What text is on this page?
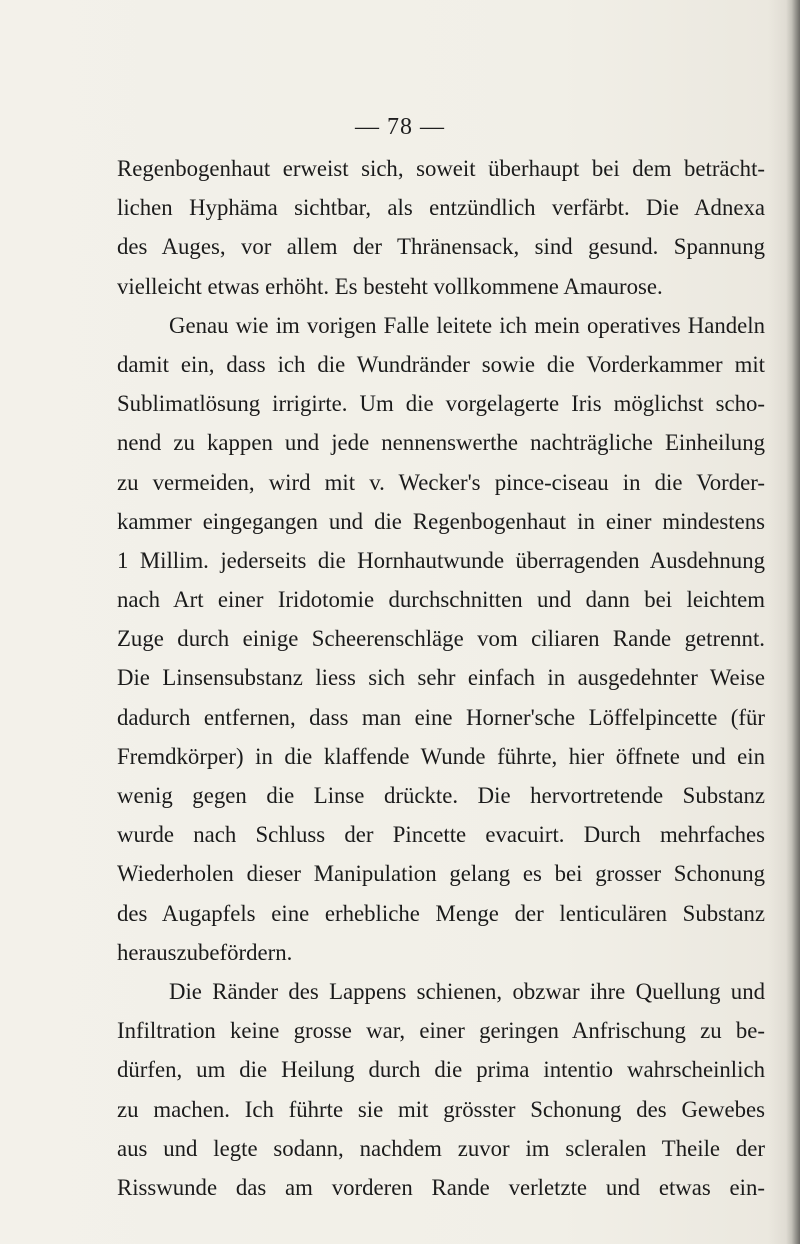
— 78 —
Regenbogenhaut erweist sich, soweit überhaupt bei dem beträcht-
lichen Hyphäma sichtbar, als entzündlich verfärbt. Die Adnexa
des Auges, vor allem der Thränensack, sind gesund. Spannung
vielleicht etwas erhöht. Es besteht vollkommene Amaurose.
Genau wie im vorigen Falle leitete ich mein operatives Handeln
damit ein, dass ich die Wundränder sowie die Vorderkammer mit
Sublimatlösung irrigirte. Um die vorgelagerte Iris möglichst scho-
nend zu kappen und jede nennenswerthe nachträgliche Einheilung
zu vermeiden, wird mit v. Wecker's pince-ciseau in die Vorder-
kammer eingegangen und die Regenbogenhaut in einer mindestens
1 Millim. jederseits die Hornhautwunde überragenden Ausdehnung
nach Art einer Iridotomie durchschnitten und dann bei leichtem
Zuge durch einige Scheerenschläge vom ciliaren Rande getrennt.
Die Linsensubstanz liess sich sehr einfach in ausgedehnter Weise
dadurch entfernen, dass man eine Horner'sche Löffelpincette (für
Fremdkörper) in die klaffende Wunde führte, hier öffnete und ein
wenig gegen die Linse drückte. Die hervortretende Substanz
wurde nach Schluss der Pincette evacuirt. Durch mehrfaches
Wiederholen dieser Manipulation gelang es bei grosser Schonung
des Augapfels eine erhebliche Menge der lenticulären Substanz
herauszubefördern.
Die Ränder des Lappens schienen, obzwar ihre Quellung und
Infiltration keine grosse war, einer geringen Anfrischung zu be-
dürfen, um die Heilung durch die prima intentio wahrscheinlich
zu machen. Ich führte sie mit grösster Schonung des Gewebes
aus und legte sodann, nachdem zuvor im scleralen Theile der
Risswunde das am vorderen Rande verletzte und etwas ein-
